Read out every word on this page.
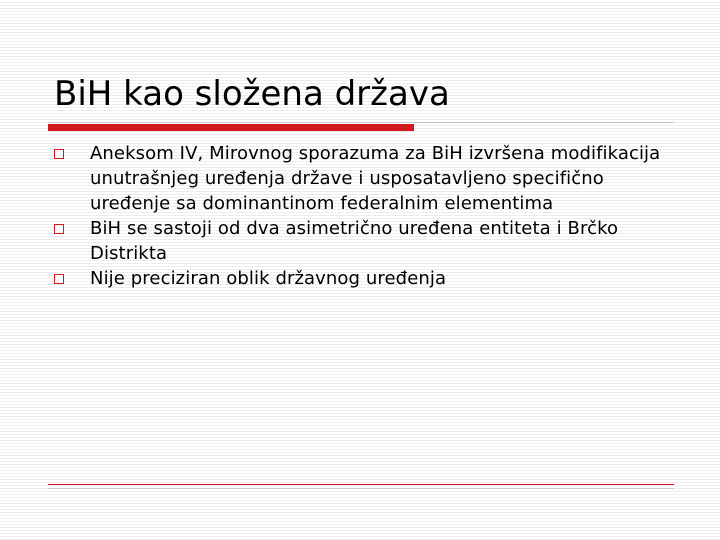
BiH kao složena država
Aneksom IV, Mirovnog sporazuma za BiH izvršena modifikacija unutrašnjeg uređenja države i usposatavljeno specifično uređenje sa dominantinom federalnim elementima
BiH se sastoji od dva asimetrično uređena entiteta i Brčko Distrikta
Nije preciziran oblik državnog uređenja
